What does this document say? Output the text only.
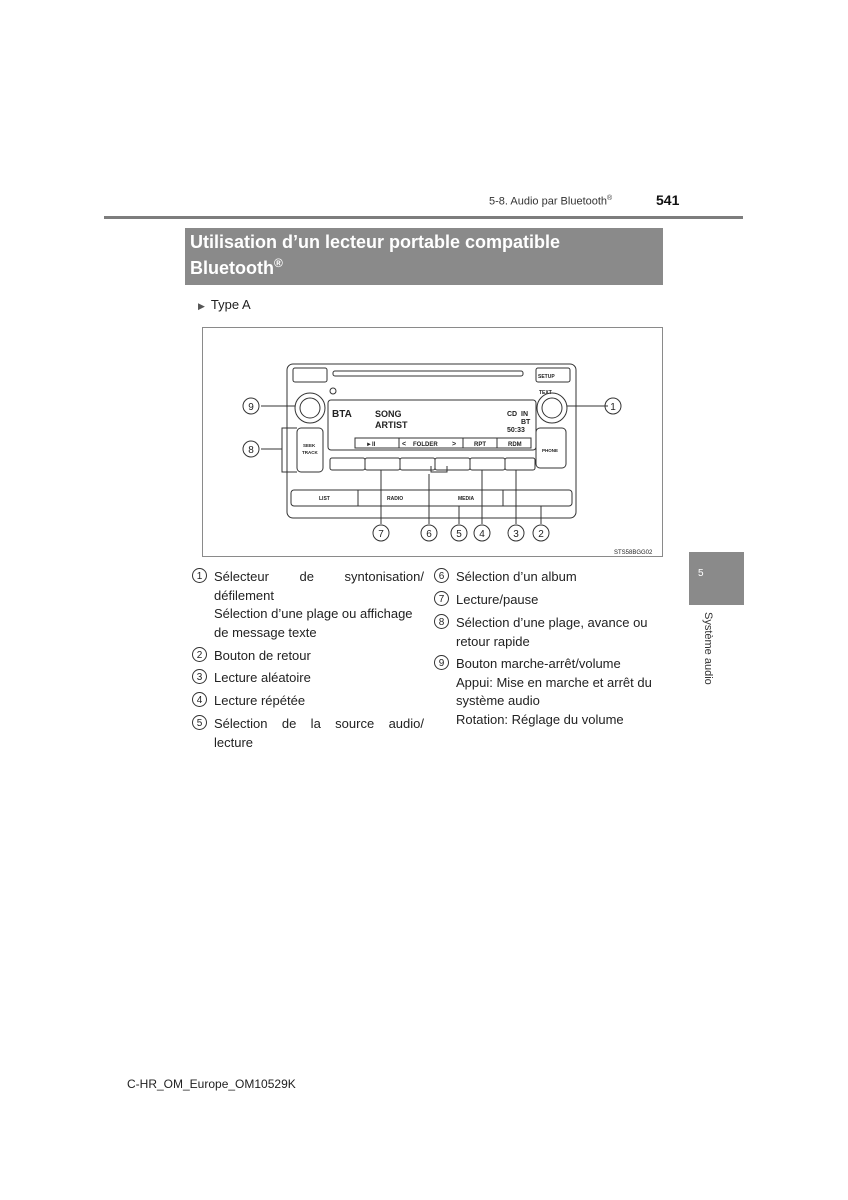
5-8. Audio par Bluetooth®	541
Utilisation d’un lecteur portable compatible
Bluetooth®
▶ Type A
SETUP
TEXT
BTA	SONG
ARTIST
CD IN
BT
50:33
►II	< FOLDER >	RPT	RDM
SEEK
TRACK	PHONE
LIST	RADIO	MEDIA
STS58BGG02
9
8
1
7	6 5 4	3 2
5
Système audio
1 Sélecteur de syntonisation/
défilement
Sélection d’une plage ou affichage
de message texte
2 Bouton de retour
3 Lecture aléatoire
4 Lecture répétée
5 Sélection de la source audio/
lecture
6 Sélection d’un album
7 Lecture/pause
8 Sélection d’une plage, avance ou
retour rapide
9 Bouton marche-arrêt/volume
Appui: Mise en marche et arrêt du
système audio
Rotation: Réglage du volume
C-HR_OM_Europe_OM10529K
